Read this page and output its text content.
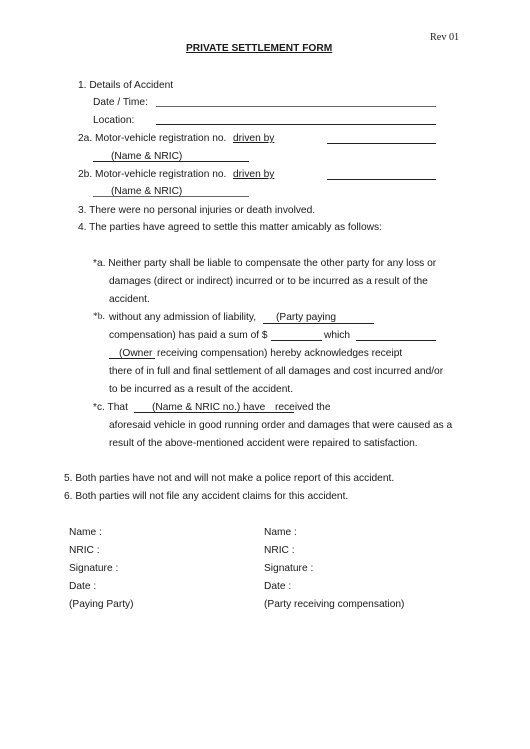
Rev 01
PRIVATE SETTLEMENT FORM
1. Details of Accident
Date / Time:
Location:
2a. Motor-vehicle registration no. driven by
(Name & NRIC)
2b. Motor-vehicle registration no. driven by
(Name & NRIC)
3. There were no personal injuries or death involved.
4. The parties have agreed to settle this matter amicably as follows:
*a. Neither party shall be liable to compensate the other party for any loss or
damages (direct or indirect) incurred or to be incurred as a result of the
accident.
*b. without any admission of liability, (Party paying
compensation) has paid a sum of $	which
(Owner receiving compensation) hereby acknowledges receipt
there of in full and final settlement of all damages and cost incurred and/or
to be incurred as a result of the accident.
*c. That (Name & NRIC no.) have received the
aforesaid vehicle in good running order and damages that were caused as a
result of the above-mentioned accident were repaired to satisfaction.
5. Both parties have not and will not make a police report of this accident.
6. Both parties will not file any accident claims for this accident.
Name :
NRIC :
Signature :
Date :
(Paying Party)
Name :
NRIC :
Signature :
Date :
(Party receiving compensation)
